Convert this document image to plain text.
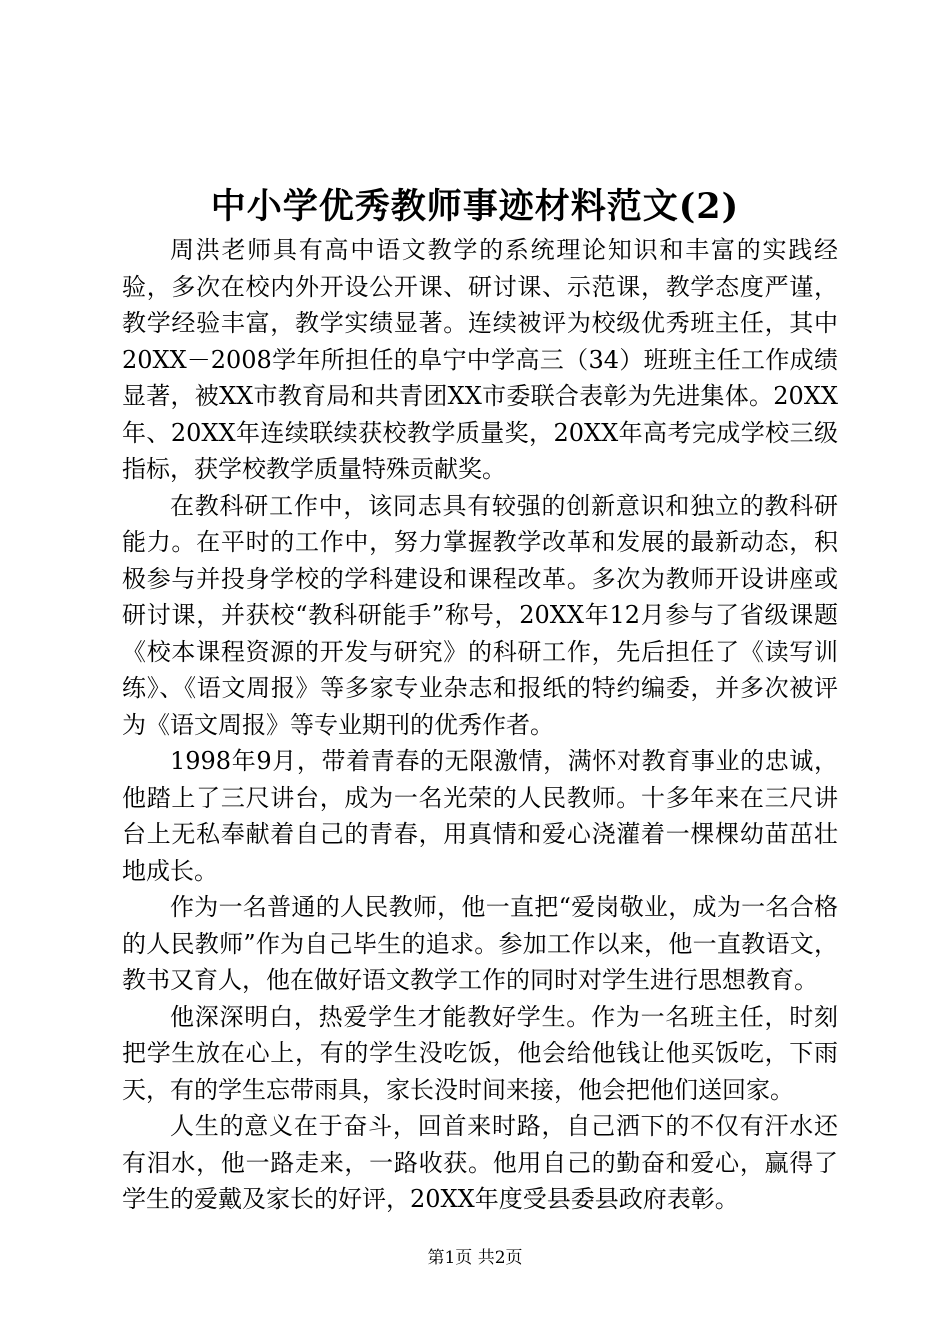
中小学优秀教师事迹材料范文(2)

周洪老师具有高中语文教学的系统理论知识和丰富的实践经验，多次在校内外开设公开课、研讨课、示范课，教学态度严谨，教学经验丰富，教学实绩显著。连续被评为校级优秀班主任，其中20XX－2008学年所担任的阜宁中学高三（34）班班主任工作成绩显著，被XX市教育局和共青团XX市委联合表彰为先进集体。20XX年、20XX年连续联续获校教学质量奖，20XX年高考完成学校三级指标，获学校教学质量特殊贡献奖。

在教科研工作中，该同志具有较强的创新意识和独立的教科研能力。在平时的工作中，努力掌握教学改革和发展的最新动态，积极参与并投身学校的学科建设和课程改革。多次为教师开设讲座或研讨课，并获校“教科研能手”称号，20XX年12月参与了省级课题《校本课程资源的开发与研究》的科研工作，先后担任了《读写训练》、《语文周报》等多家专业杂志和报纸的特约编委，并多次被评为《语文周报》等专业期刊的优秀作者。

1998年9月，带着青春的无限激情，满怀对教育事业的忠诚，他踏上了三尺讲台，成为一名光荣的人民教师。十多年来在三尺讲台上无私奉献着自己的青春，用真情和爱心浇灌着一棵棵幼苗茁壮地成长。

作为一名普通的人民教师，他一直把“爱岗敬业，成为一名合格的人民教师”作为自己毕生的追求。参加工作以来，他一直教语文，教书又育人，他在做好语文教学工作的同时对学生进行思想教育。

他深深明白，热爱学生才能教好学生。作为一名班主任，时刻把学生放在心上，有的学生没吃饭，他会给他钱让他买饭吃，下雨天，有的学生忘带雨具，家长没时间来接，他会把他们送回家。

人生的意义在于奋斗，回首来时路，自己洒下的不仅有汗水还有泪水，他一路走来，一路收获。他用自己的勤奋和爱心，赢得了学生的爱戴及家长的好评，20XX年度受县委县政府表彰。

第1页 共2页
